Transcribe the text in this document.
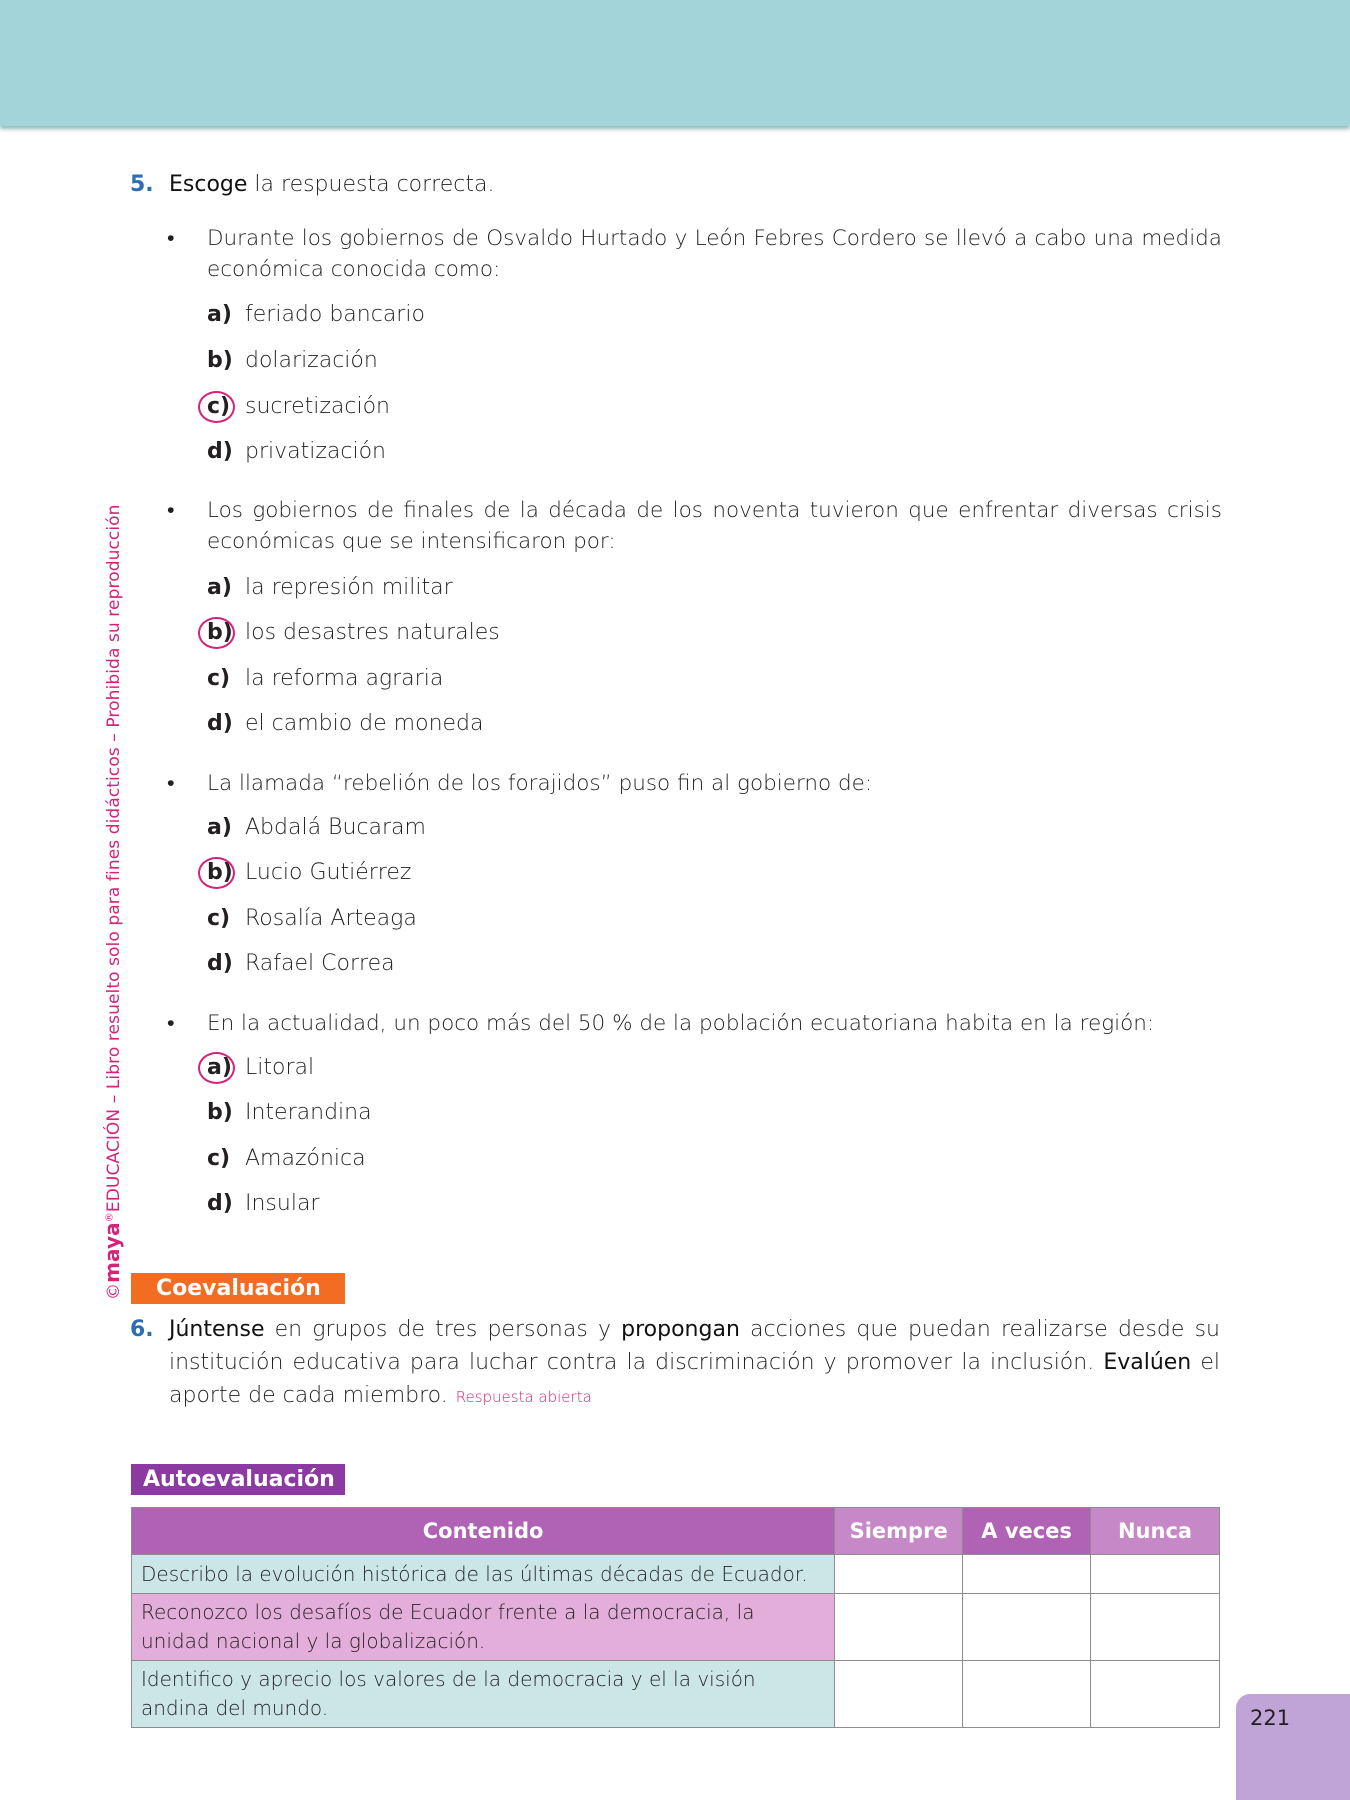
©maya®EDUCACIÓN – Libro resuelto solo para fines didácticos – Prohibida su reproducción
5. Escoge la respuesta correcta.
• Durante los gobiernos de Osvaldo Hurtado y León Febres Cordero se llevó a cabo una medida económica conocida como:
a) feriado bancario
b) dolarización
c) sucretización
d) privatización
• Los gobiernos de finales de la década de los noventa tuvieron que enfrentar diversas crisis económicas que se intensificaron por:
a) la represión militar
b) los desastres naturales
c) la reforma agraria
d) el cambio de moneda
• La llamada “rebelión de los forajidos” puso fin al gobierno de:
a) Abdalá Bucaram
b) Lucio Gutiérrez
c) Rosalía Arteaga
d) Rafael Correa
• En la actualidad, un poco más del 50 % de la población ecuatoriana habita en la región:
a) Litoral
b) Interandina
c) Amazónica
d) Insular
Coevaluación
6. Júntense en grupos de tres personas y propongan acciones que puedan realizarse desde su institución educativa para luchar contra la discriminación y promover la inclusión. Evalúen el aporte de cada miembro. Respuesta abierta
Autoevaluación
Contenido	Siempre	A veces	Nunca
Describo la evolución histórica de las últimas décadas de Ecuador.			
Reconozco los desafíos de Ecuador frente a la democracia, la unidad nacional y la globalización.			
Identifico y aprecio los valores de la democracia y el la visión andina del mundo.				221
